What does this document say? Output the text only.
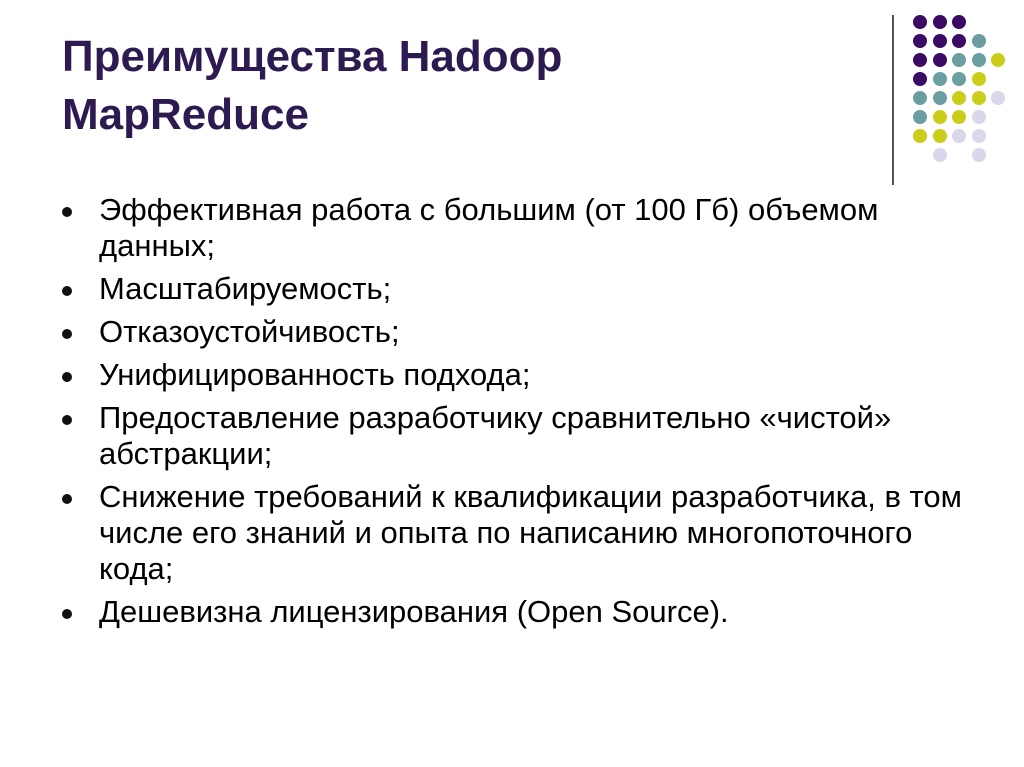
Преимущества Hadoop
MapReduce
Эффективная работа с большим (от 100 Гб) объемом данных;
Масштабируемость;
Отказоустойчивость;
Унифицированность подхода;
Предоставление разработчику сравнительно «чистой» абстракции;
Снижение требований к квалификации разработчика, в том числе его знаний и опыта по написанию многопоточного кода;
Дешевизна лицензирования (Open Source).
